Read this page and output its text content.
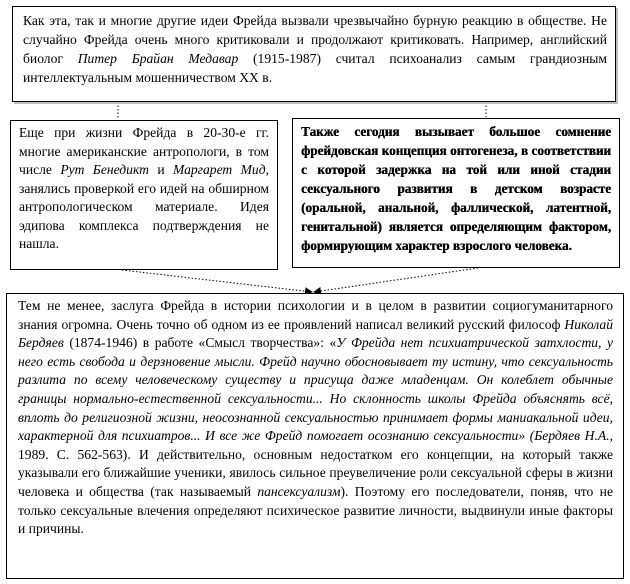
Как эта, так и многие другие идеи Фрейда вызвали чрезвычайно бурную реакцию в обществе. Не случайно Фрейда очень много критиковали и продолжают критиковать. Например, английский биолог Питер Брайан Медавар (1915-1987) считал психоанализ самым грандиозным интеллектуальным мошенничеством XX в.

Еще при жизни Фрейда в 20-30-е гг. многие американские антропологи, в том числе Рут Бенедикт и Маргарет Мид, занялись проверкой его идей на обширном антропологическом материале. Идея эдипова комплекса подтверждения не нашла.

Также сегодня вызывает большое сомнение фрейдовская концепция онтогенеза, в соответствии с которой задержка на той или иной стадии сексуального развития в детском возрасте (оральной, анальной, фаллической, латентной, генитальной) является определяющим фактором, формирующим характер взрослого человека.

Тем не менее, заслуга Фрейда в истории психологии и в целом в развитии социогуманитарного знания огромна. Очень точно об одном из ее проявлений написал великий русский философ Николай Бердяев (1874-1946) в работе «Смысл творчества»: «У Фрейда нет психиатрической затхлости, у него есть свобода и дерзновение мысли. Фрейд научно обосновывает ту истину, что сексуальность разлита по всему человеческому существу и присуща даже младенцам. Он колеблет обычные границы нормально-естественной сексуальности... Но склонность школы Фрейда объяснять всё, вплоть до религиозной жизни, неосознанной сексуальностью принимает формы маниакальной идеи, характерной для психиатров... И все же Фрейд помогает осознанию сексуальности» (Бердяев Н.А., 1989. С. 562-563). И действительно, основным недостатком его концепции, на который также указывали его ближайшие ученики, явилось сильное преувеличение роли сексуальной сферы в жизни человека и общества (так называемый пансексуализм). Поэтому его последователи, поняв, что не только сексуальные влечения определяют психическое развитие личности, выдвинули иные факторы и причины.
